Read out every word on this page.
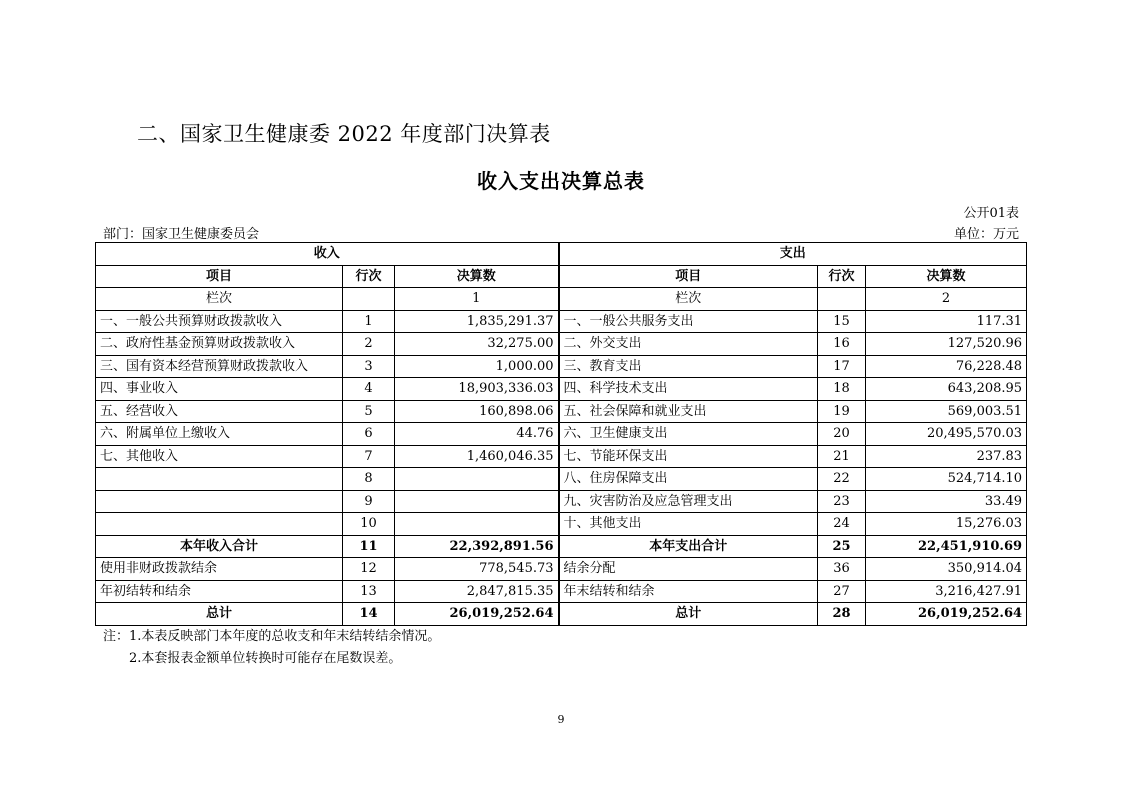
二、国家卫生健康委 2022 年度部门决算表
收入支出决算总表
公开01表
部门：国家卫生健康委员会	单位：万元
收入			支出		
项目	行次	决算数	项目	行次	决算数
栏次		1	栏次		2
一、一般公共预算财政拨款收入	1	1,835,291.37	一、一般公共服务支出	15	117.31
二、政府性基金预算财政拨款收入	2	32,275.00	二、外交支出	16	127,520.96
三、国有资本经营预算财政拨款收入	3	1,000.00	三、教育支出	17	76,228.48
四、事业收入	4	18,903,336.03	四、科学技术支出	18	643,208.95
五、经营收入	5	160,898.06	五、社会保障和就业支出	19	569,003.51
六、附属单位上缴收入	6	44.76	六、卫生健康支出	20	20,495,570.03
七、其他收入	7	1,460,046.35	七、节能环保支出	21	237.83
	8		八、住房保障支出	22	524,714.10
	9		九、灾害防治及应急管理支出	23	33.49
	10		十、其他支出	24	15,276.03
本年收入合计	11	22,392,891.56	本年支出合计	25	22,451,910.69
使用非财政拨款结余	12	778,545.73	结余分配	36	350,914.04
年初结转和结余	13	2,847,815.35	年末结转和结余	27	3,216,427.91
总计	14	26,019,252.64	总计	28	26,019,252.64
注：1.本表反映部门本年度的总收支和年末结转结余情况。
2.本套报表金额单位转换时可能存在尾数误差。
9
